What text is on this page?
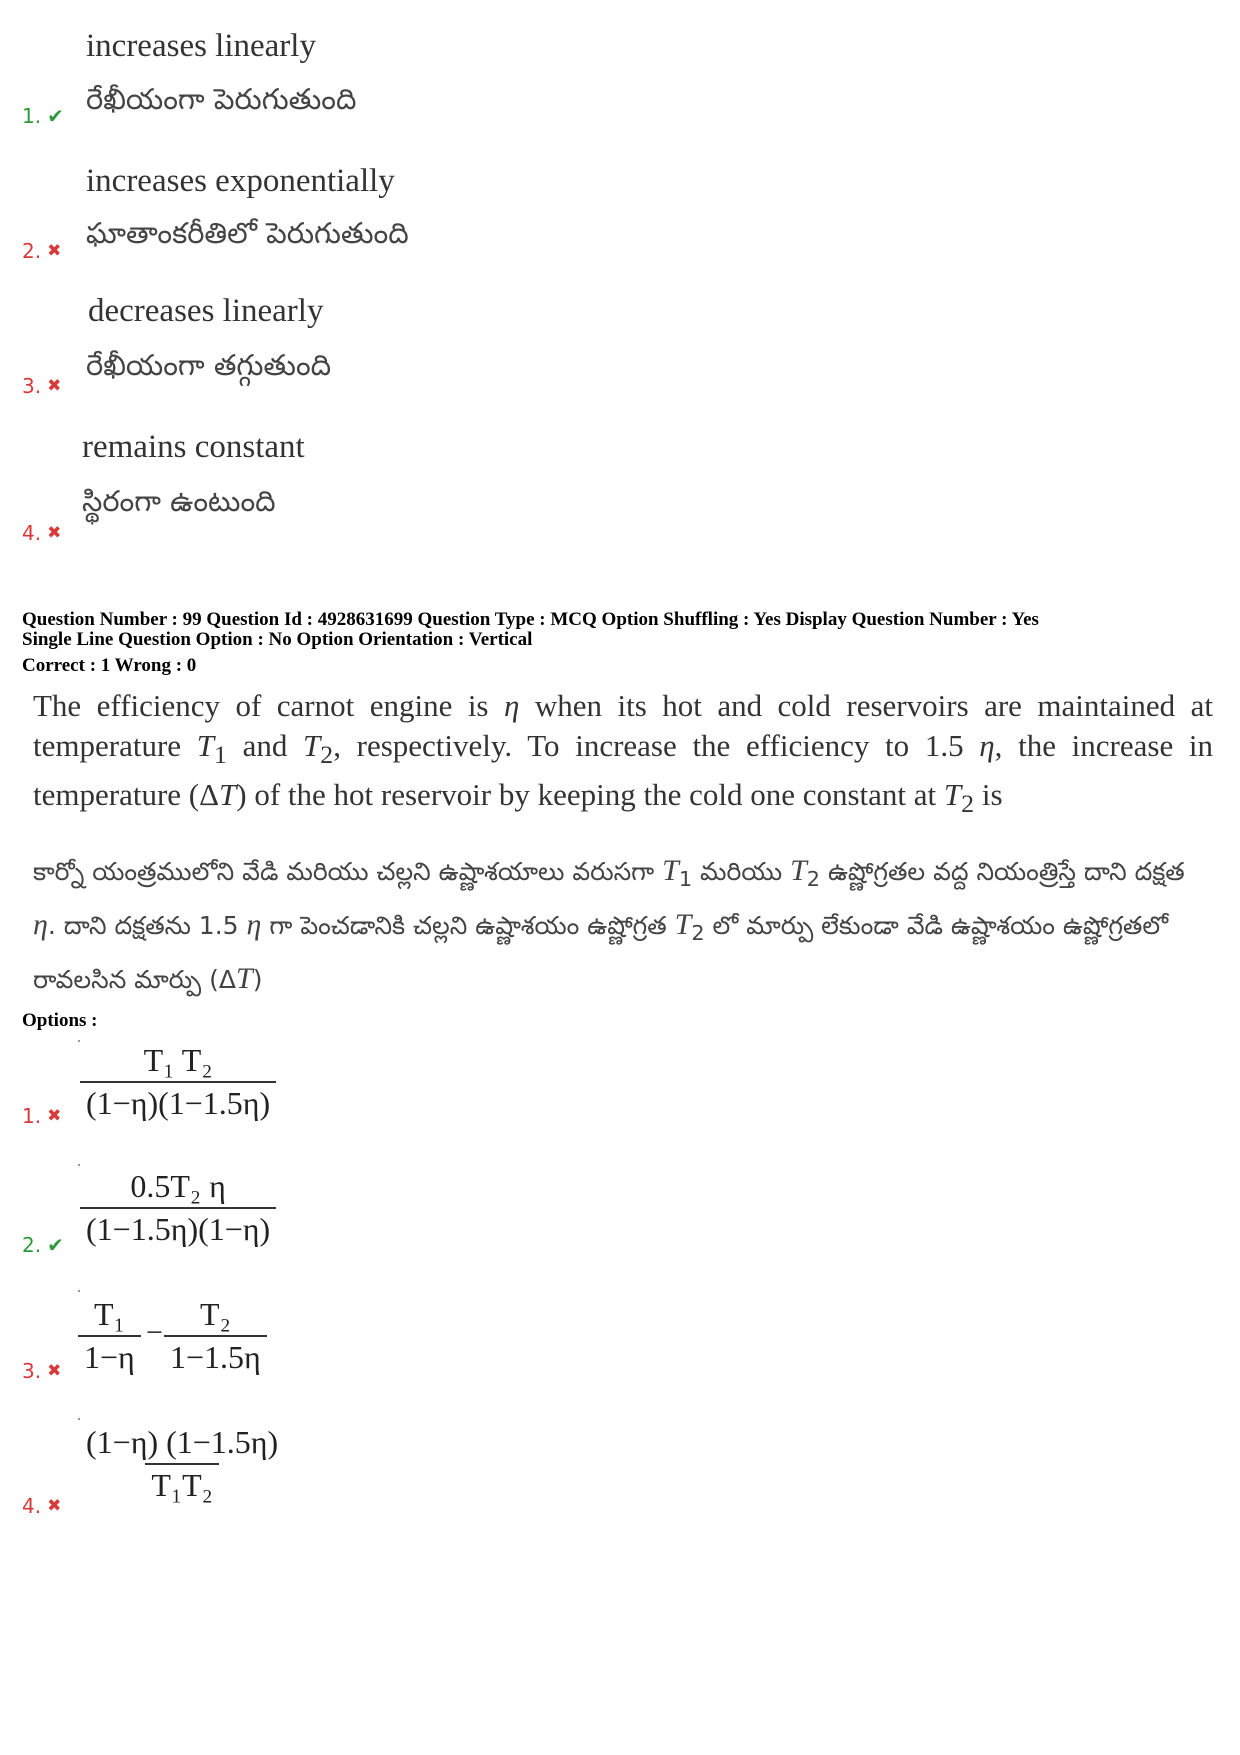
increases linearly
రేఖీయంగా పెరుగుతుంది
1. ✔
increases exponentially
ఘాతాంకరీతిలో పెరుగుతుంది
2. ✖
decreases linearly
రేఖీయంగా తగ్గుతుంది
3. ✖
remains constant
స్థిరంగా ఉంటుంది
4. ✖
Question Number : 99 Question Id : 4928631699 Question Type : MCQ Option Shuffling : Yes Display Question Number : Yes
Single Line Question Option : No Option Orientation : Vertical
Correct : 1 Wrong : 0
The efficiency of carnot engine is η when its hot and cold reservoirs are maintained at temperature $T_1$ and $T_2$, respectively. To increase the efficiency to 1.5 η, the increase in temperature (ΔT) of the hot reservoir by keeping the cold one constant at $T_2$ is
కార్నో యంత్రములోని వేడి మరియు చల్లని ఉష్ణాశయాలు వరుసగా $T_1$ మరియు $T_2$ ఉష్ణోగ్రతల వద్ద నియంత్రిస్తే దాని దక్షత η. దాని దక్షతను 1.5 η గా పెంచడానికి చల్లని ఉష్ణాశయం ఉష్ణోగ్రత $T_2$ లో మార్పు లేకుండా వేడి ఉష్ణాశయం ఉష్ణోగ్రతలో రావలసిన మార్పు (ΔT)
Options :
$\frac{\text{T₁ T₂}}{(1-\eta)(1-1.5\eta)}$
1. ✖
$\frac{\text{0.5T₂ η}}{(1-1.5\eta)(1-\eta)}$
2. ✔
$\frac{\text{T₁}}{1-\eta} - \frac{\text{T₂}}{1-1.5\eta}$
3. ✖
$\frac{(1-\eta) (1-1.5\eta)}{\text{T₁T₂}}$
4. ✖
